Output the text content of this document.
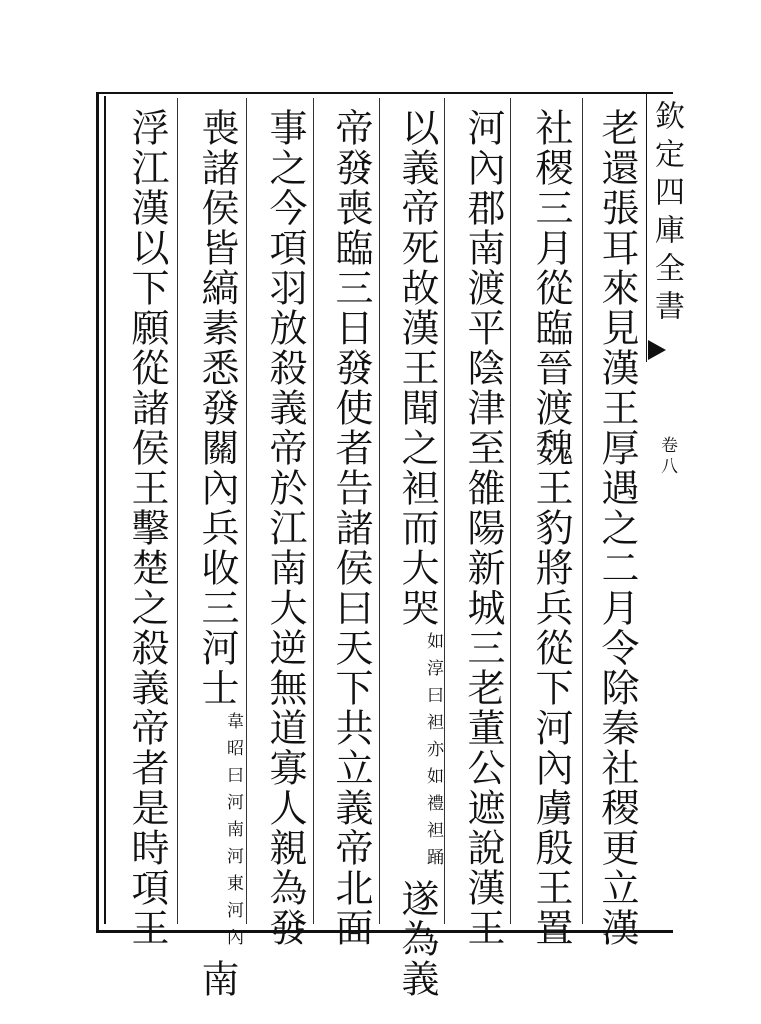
欽定四庫全書
卷八
老還張耳來見漢王厚遇之二月令除秦社稷更立漢
社稷三月從臨晉渡魏王豹將兵從下河內虜殷王置
河內郡南渡平陰津至雒陽新城三老董公遮說漢王
以義帝死故漢王聞之袒而大哭如淳曰袒亦如禮袒踊遂為義
帝發喪臨三日發使者告諸侯曰天下共立義帝北面
事之今項羽放殺義帝於江南大逆無道寡人親為發
喪諸侯皆縞素悉發關內兵收三河士韋昭曰河南河東河內南
浮江漢以下願從諸侯王擊楚之殺義帝者是時項王
